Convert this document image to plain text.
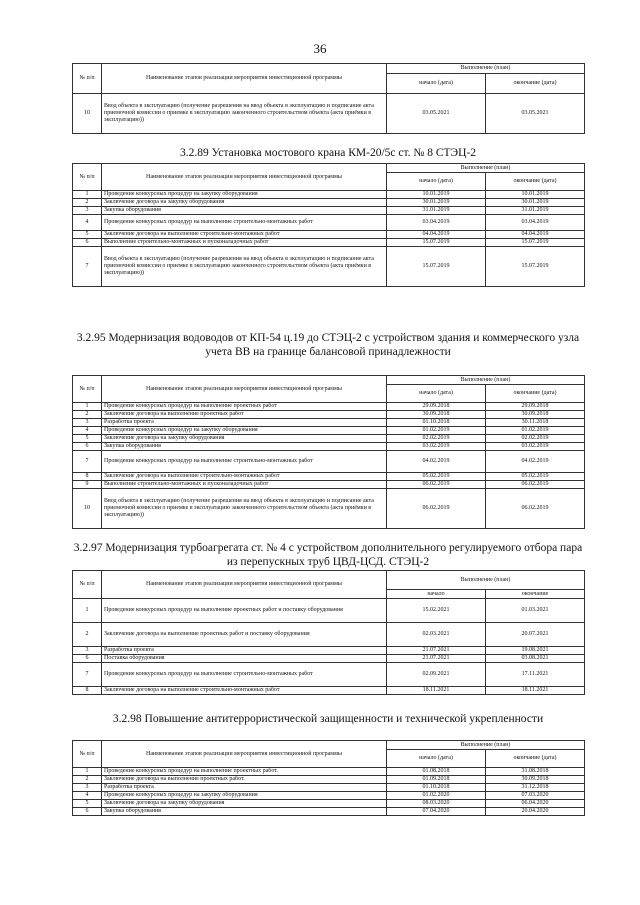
36
№ п/п	Наименование этапов реализации мероприятия инвестиционной программы	Выполнение (план)	
		начало (дата)	окончание (дата)
10	Ввод объекта в эксплуатацию (получение разрешения на ввод объекта в эксплуатацию и подписание акта приемочной комиссии о приемке в эксплуатацию законченного строительством объекта (акта приёмки в эксплуатацию))	03.05.2021	03.05.2021
3.2.89 Установка мостового крана КМ-20/5с ст. № 8 СТЭЦ-2
№ п/п	Наименование этапов реализации мероприятия инвестиционной программы	Выполнение (план)	
		начало (дата)	окончание (дата)
1	Проведение конкурсных процедур на закупку оборудования	10.01.2019	10.01.2019
2	Заключение договора на закупку оборудования	30.01.2019	30.01.2019
3	Закупка оборудования	31.01.2019	31.01.2019
4	Проведение конкурсных процедур на выполнение строительно-монтажных работ	03.04.2019	03.04.2019
5	Заключение договора на выполнение строительно-монтажных работ	04.04.2019	04.04.2019
6	Выполнение строительно-монтажных и пусконаладочных работ	15.07.2019	15.07.2019
7	Ввод объекта в эксплуатацию (получение разрешения на ввод объекта в эксплуатацию и подписание акта приемочной комиссии о приемке в эксплуатацию законченного строительством объекта (акта приёмки в эксплуатацию))	15.07.2019	15.07.2019
3.2.95 Модернизация водоводов от КП-54 ц.19 до СТЭЦ-2 с устройством здания и коммерческого узла учета ВВ на границе балансовой принадлежности
№ п/п	Наименование этапов реализации мероприятия инвестиционной программы	Выполнение (план)	
		начало (дата)	окончание (дата)
1	Проведение конкурсных процедур на выполнение проектных работ	29.09.2018	29.09.2018
2	Заключение договора на выполнение проектных работ	30.09.2018	30.09.2018
3	Разработка проекта	01.10.2018	30.11.2018
4	Проведение конкурсных процедур на закупку оборудования	01.02.2019	01.02.2019
5	Заключение договора на закупку оборудования	02.02.2019	02.02.2019
6	Закупка оборудования	03.02.2019	03.02.2019
7	Проведение конкурсных процедур на выполнение строительно-монтажных работ	04.02.2019	04.02.2019
8	Заключение договора на выполнение строительно-монтажных работ	05.02.2019	05.02.2019
9	Выполнение строительно-монтажных и пусконаладочных работ	06.02.2019	06.02.2019
10	Ввод объекта в эксплуатацию (получение разрешения на ввод объекта в эксплуатацию и подписание акта приемочной комиссии о приемке в эксплуатацию законченного строительством объекта (акта приёмки в эксплуатацию))	06.02.2019	06.02.2019
3.2.97 Модернизация турбоагрегата ст. № 4 с устройством дополнительного регулируемого отбора пара из перепускных труб ЦВД-ЦСД. СТЭЦ-2
№ п/п	Наименование этапов реализации мероприятия инвестиционной программы	Выполнение (план)	
		начало	окончание
1	Проведение конкурсных процедур на выполнение проектных работ и поставку оборудования	15.02.2021	01.03.2021
2	Заключение договора на выполнение проектных работ и поставку оборудования	02.03.2021	20.07.2021
3	Разработка проекта	21.07.2021	19.08.2021
6	Поставка оборудования	21.07.2021	03.08.2021
7	Проведение конкурсных процедур на выполнение строительно-монтажных работ	02.09.2021	17.11.2021
8	Заключение договора на выполнение строительно-монтажных работ	18.11.2021	18.11.2021
3.2.98 Повышение антитеррористической защищенности и технической укрепленности
№ п/п	Наименование этапов реализации мероприятия инвестиционной программы	Выполнение (план)	
		начало (дата)	окончание (дата)
1	Проведение конкурсных процедур на выполнение проектных работ.	01.08.2018	31.08.2018
2	Заключение договора на выполнение проектных работ.	01.09.2018	30.09.2018
3	Разработка проекта	01.10.2018	31.12.2018
4	Проведение конкурсных процедур на закупку оборудования	01.02.2020	07.03.2020
5	Заключение договора на закупку оборудования	08.03.2020	06.04.2020
6	Закупка оборудования	07.04.2020	20.04.2020
